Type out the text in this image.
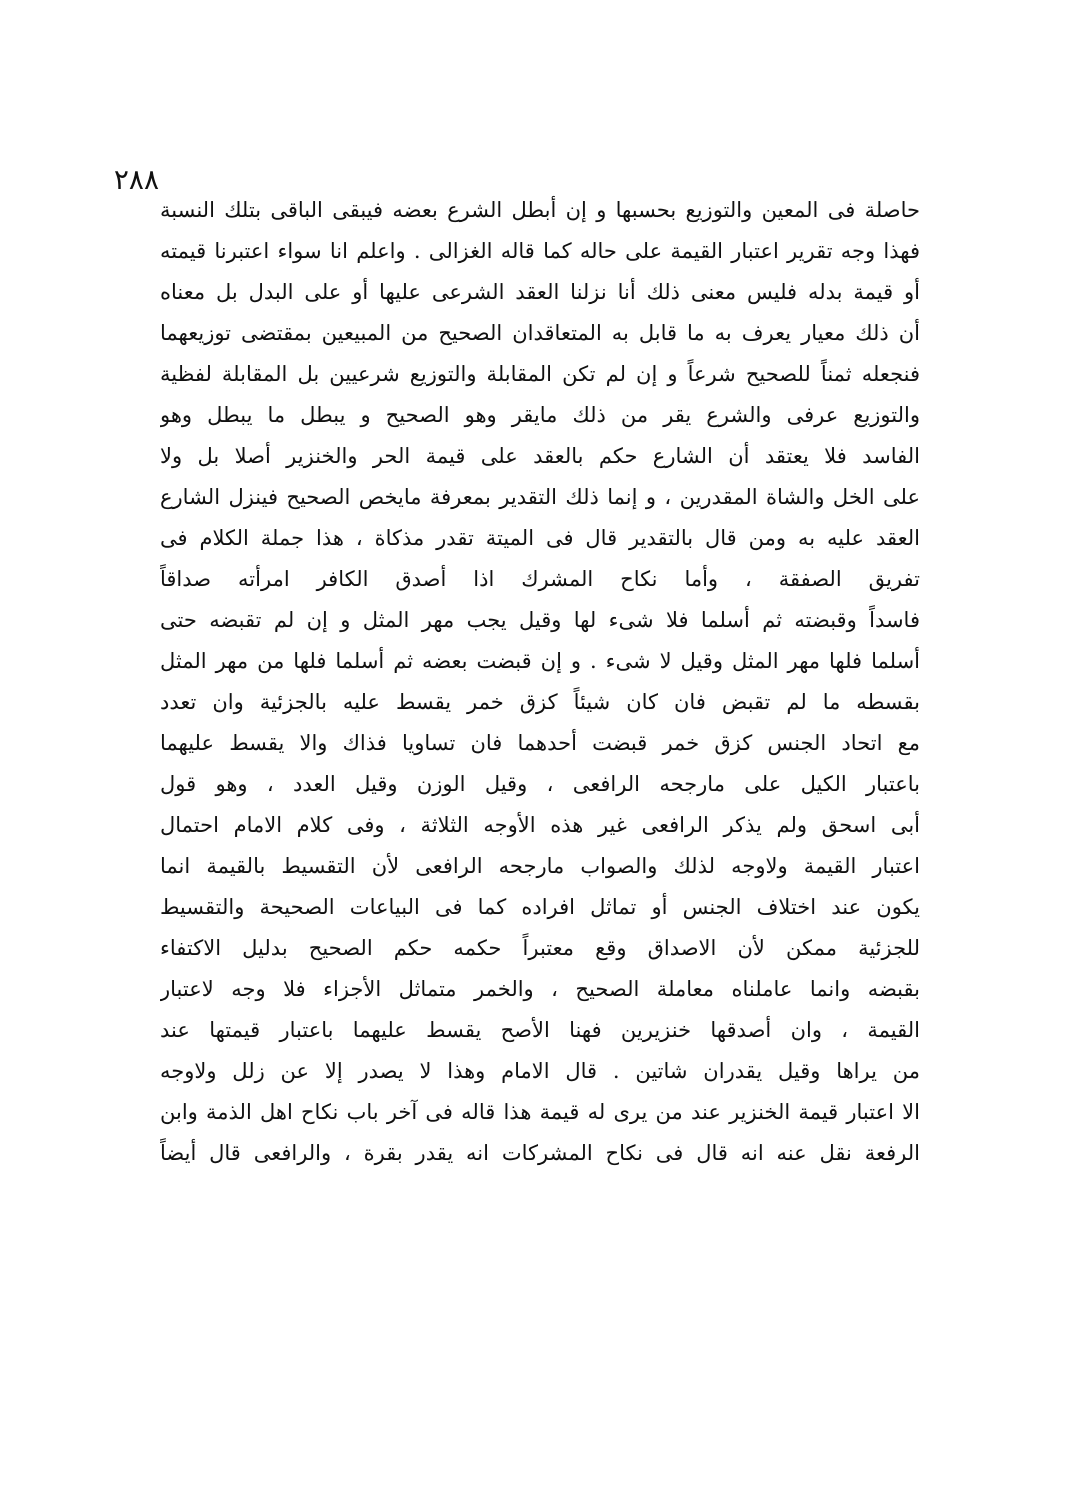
٢٨٨
حاصلة فى المعين والتوزيع بحسبها و إن أبطل الشرع بعضه فيبقى الباقى بتلك النسبة
فهذا وجه تقرير اعتبار القيمة على حاله كما قاله الغزالى . واعلم انا سواء اعتبرنا قيمته
أو قيمة بدله فليس معنى ذلك أنا نزلنا العقد الشرعى عليها أو على البدل بل معناه
أن ذلك معيار يعرف به ما قابل به المتعاقدان الصحيح من المبيعين بمقتضى توزيعهما
فنجعله ثمناً للصحيح شرعاً و إن لم تكن المقابلة والتوزيع شرعيين بل المقابلة لفظية
والتوزيع عرفى والشرع يقر من ذلك مايقر وهو الصحيح و يبطل ما يبطل وهو
الفاسد فلا يعتقد أن الشارع حكم بالعقد على قيمة الحر والخنزير أصلا بل ولا
على الخل والشاة المقدرين ، و إنما ذلك التقدير بمعرفة مايخص الصحيح فينزل الشارع
العقد عليه به ومن قال بالتقدير قال فى الميتة تقدر مذكاة ، هذا جملة الكلام فى
تفريق الصفقة ، وأما نكاح المشرك اذا أصدق الكافر امرأته صداقاً
فاسداً وقبضته ثم أسلما فلا شىء لها وقيل يجب مهر المثل و إن لم تقبضه حتى
أسلما فلها مهر المثل وقيل لا شىء . و إن قبضت بعضه ثم أسلما فلها من مهر المثل
بقسطه ما لم تقبض فان كان شيئاً كزق خمر يقسط عليه بالجزئية وان تعدد
مع اتحاد الجنس كزق خمر قبضت أحدهما فان تساويا فذاك والا يقسط عليهما
باعتبار الكيل على مارجحه الرافعى ، وقيل الوزن وقيل العدد ، وهو قول
أبى اسحق ولم يذكر الرافعى غير هذه الأوجه الثلاثة ، وفى كلام الامام احتمال
اعتبار القيمة ولاوجه لذلك والصواب مارجحه الرافعى لأن التقسيط بالقيمة انما
يكون عند اختلاف الجنس أو تماثل افراده كما فى البياعات الصحيحة والتقسيط
للجزئية ممكن لأن الاصداق وقع معتبراً حكمه حكم الصحيح بدليل الاكتفاء
بقبضه وانما عاملناه معاملة الصحيح ، والخمر متماثل الأجزاء فلا وجه لاعتبار
القيمة ، وان أصدقها خنزيرين فهنا الأصح يقسط عليهما باعتبار قيمتها عند
من يراها وقيل يقدران شاتين . قال الامام وهذا لا يصدر إلا عن زلل ولاوجه
الا اعتبار قيمة الخنزير عند من يرى له قيمة هذا قاله فى آخر باب نكاح اهل الذمة وابن
الرفعة نقل عنه انه قال فى نكاح المشركات انه يقدر بقرة ، والرافعى قال أيضاً
